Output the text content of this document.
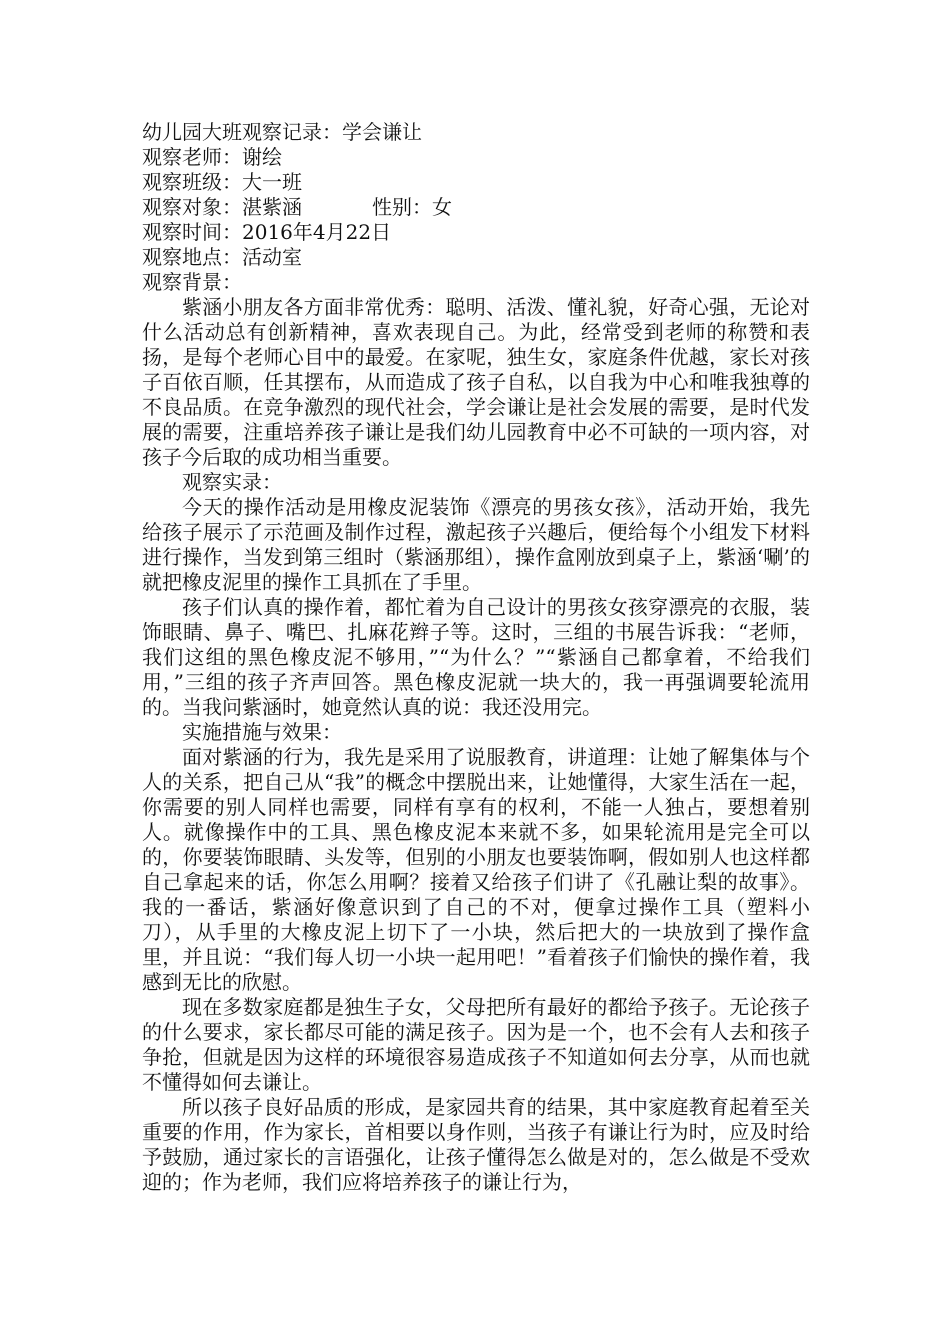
幼儿园大班观察记录：学会谦让
观察老师：谢绘
观察班级：大一班
观察对象：湛紫涵	性别：女
观察时间：2016年4月22日
观察地点：活动室
观察背景：

紫涵小朋友各方面非常优秀：聪明、活泼、懂礼貌，好奇心强，无论对什么活动总有创新精神，喜欢表现自己。为此，经常受到老师的称赞和表扬，是每个老师心目中的最爱。在家呢，独生女，家庭条件优越，家长对孩子百依百顺，任其摆布，从而造成了孩子自私，以自我为中心和唯我独尊的不良品质。在竞争激烈的现代社会，学会谦让是社会发展的需要，是时代发展的需要，注重培养孩子谦让是我们幼儿园教育中必不可缺的一项内容，对孩子今后取的成功相当重要。

观察实录：

今天的操作活动是用橡皮泥装饰《漂亮的男孩女孩》，活动开始，我先给孩子展示了示范画及制作过程，激起孩子兴趣后，便给每个小组发下材料进行操作，当发到第三组时（紫涵那组），操作盒刚放到桌子上，紫涵‘唰’的就把橡皮泥里的操作工具抓在了手里。

孩子们认真的操作着，都忙着为自己设计的男孩女孩穿漂亮的衣服，装饰眼睛、鼻子、嘴巴、扎麻花辫子等。这时，三组的书展告诉我：“老师，我们这组的黑色橡皮泥不够用，”“为什么？”“紫涵自己都拿着，不给我们用，”三组的孩子齐声回答。黑色橡皮泥就一块大的，我一再强调要轮流用的。当我问紫涵时，她竟然认真的说：我还没用完。

实施措施与效果：

面对紫涵的行为，我先是采用了说服教育，讲道理：让她了解集体与个人的关系，把自己从“我”的概念中摆脱出来，让她懂得，大家生活在一起，你需要的别人同样也需要，同样有享有的权利，不能一人独占，要想着别人。就像操作中的工具、黑色橡皮泥本来就不多，如果轮流用是完全可以的，你要装饰眼睛、头发等，但别的小朋友也要装饰啊，假如别人也这样都自己拿起来的话，你怎么用啊？接着又给孩子们讲了《孔融让梨的故事》。我的一番话，紫涵好像意识到了自己的不对，便拿过操作工具（塑料小刀），从手里的大橡皮泥上切下了一小块，然后把大的一块放到了操作盒里，并且说：“我们每人切一小块一起用吧！”看着孩子们愉快的操作着，我感到无比的欣慰。

现在多数家庭都是独生子女，父母把所有最好的都给予孩子。无论孩子的什么要求，家长都尽可能的满足孩子。因为是一个，也不会有人去和孩子争抢，但就是因为这样的环境很容易造成孩子不知道如何去分享，从而也就不懂得如何去谦让。

所以孩子良好品质的形成，是家园共育的结果，其中家庭教育起着至关重要的作用，作为家长，首相要以身作则，当孩子有谦让行为时，应及时给予鼓励，通过家长的言语强化，让孩子懂得怎么做是对的，怎么做是不受欢迎的；作为老师，我们应将培养孩子的谦让行为，
